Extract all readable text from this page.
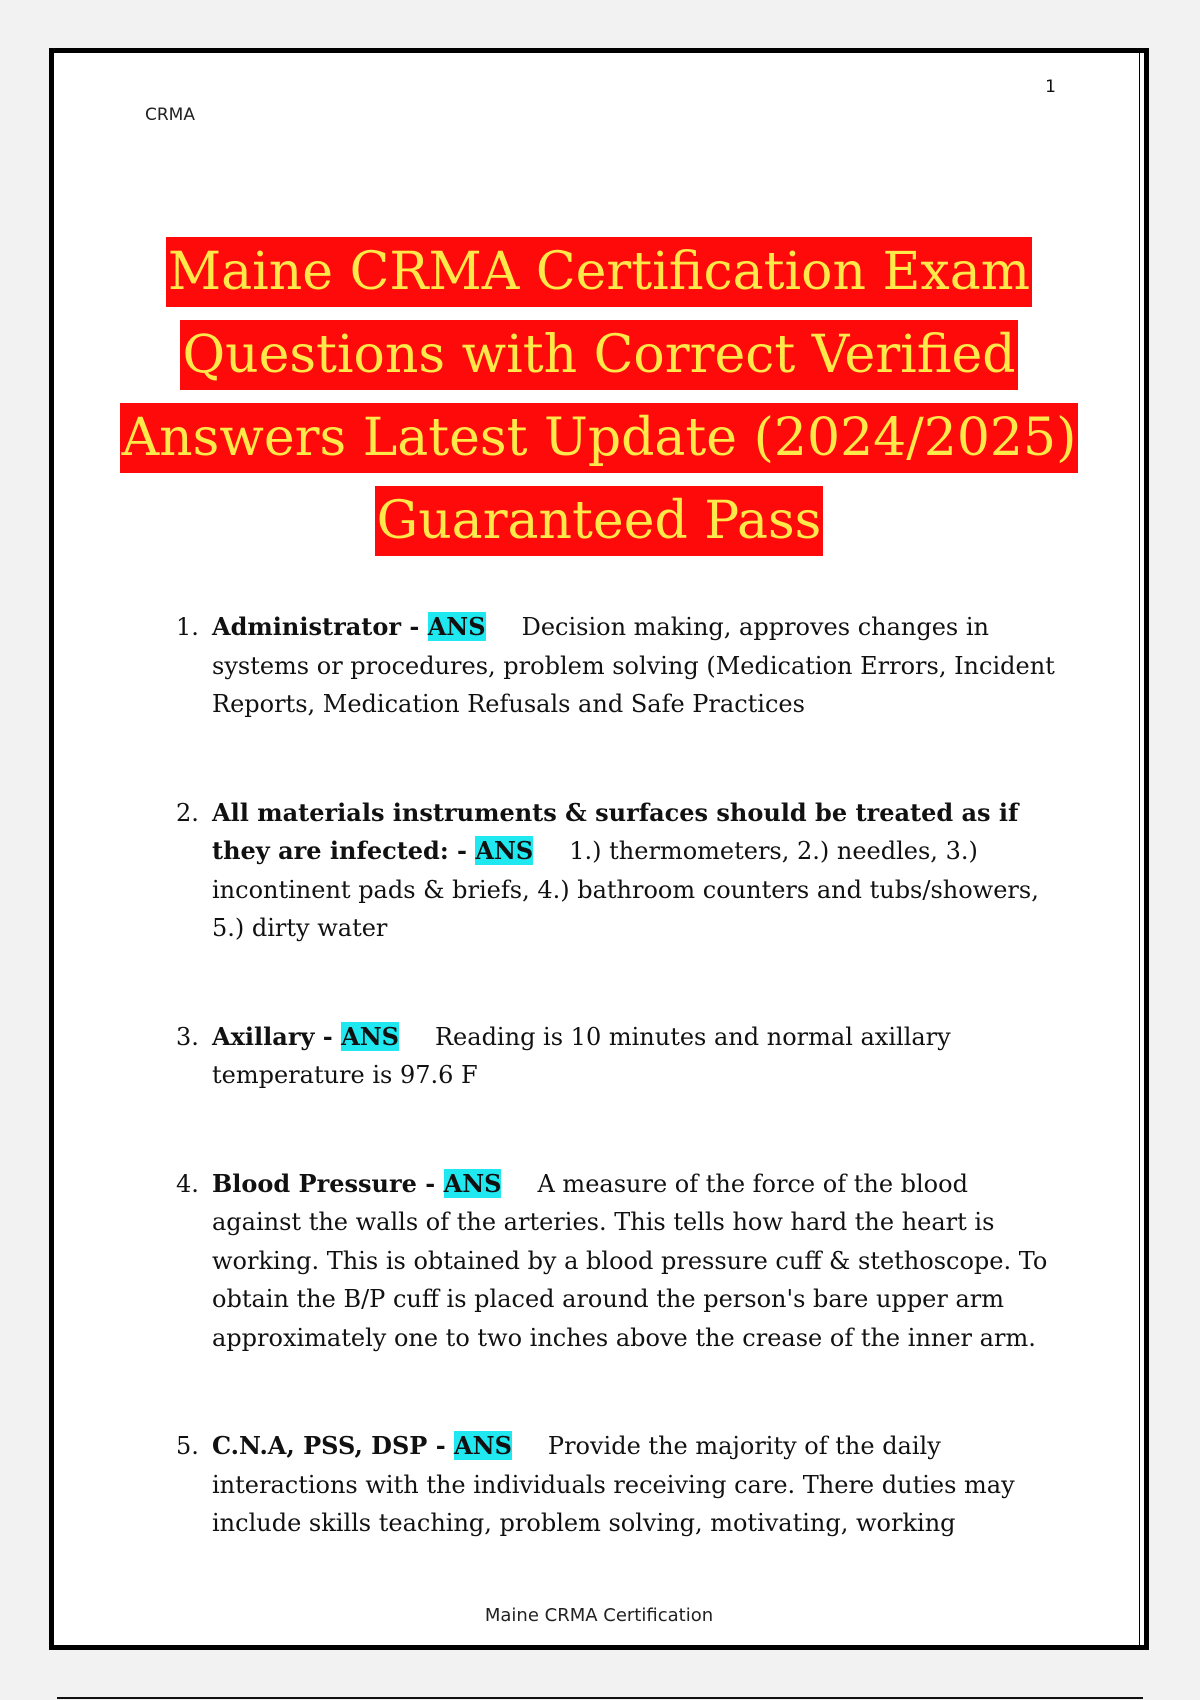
1
CRMA
Maine CRMA Certification Exam
Questions with Correct Verified
Answers Latest Update (2024/2025)
Guaranteed Pass
1. Administrator - ANS Decision making, approves changes in systems or procedures, problem solving (Medication Errors, Incident Reports, Medication Refusals and Safe Practices
2. All materials instruments & surfaces should be treated as if they are infected: - ANS 1.) thermometers, 2.) needles, 3.) incontinent pads & briefs, 4.) bathroom counters and tubs/showers, 5.) dirty water
3. Axillary - ANS Reading is 10 minutes and normal axillary temperature is 97.6 F
4. Blood Pressure - ANS A measure of the force of the blood against the walls of the arteries. This tells how hard the heart is working. This is obtained by a blood pressure cuff & stethoscope. To obtain the B/P cuff is placed around the person's bare upper arm approximately one to two inches above the crease of the inner arm.
5. C.N.A, PSS, DSP - ANS Provide the majority of the daily interactions with the individuals receiving care. There duties may include skills teaching, problem solving, motivating, working
Maine CRMA Certification
